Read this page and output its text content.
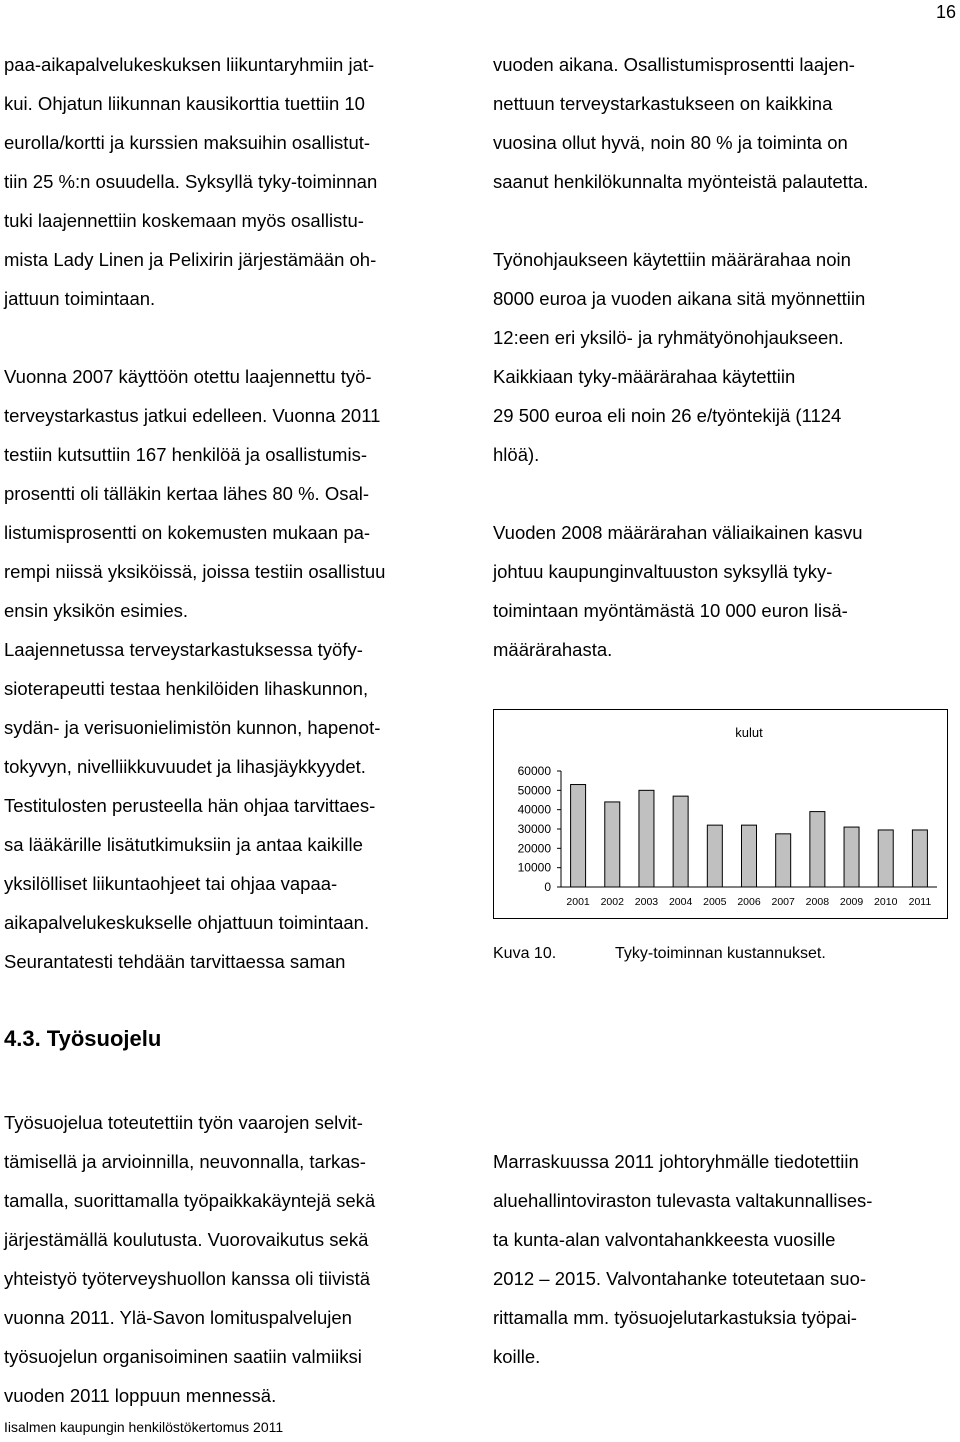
16

paa-aikapalvelukeskuksen liikuntaryhmiin jat-

kui. Ohjatun liikunnan kausikorttia tuettiin 10

eurolla/kortti ja kurssien maksuihin osallistut-

tiin 25 %:n osuudella. Syksyllä tyky-toiminnan

tuki laajennettiin koskemaan myös osallistu-

mista Lady Linen ja Pelixirin järjestämään oh-

jattuun toimintaan.

Vuonna 2007 käyttöön otettu laajennettu työ-

terveystarkastus jatkui edelleen. Vuonna 2011

testiin kutsuttiin 167 henkilöä ja osallistumis-

prosentti oli tälläkin kertaa lähes 80 %. Osal-

listumisprosentti on kokemusten mukaan pa-

rempi niissä yksiköissä, joissa testiin osallistuu

ensin yksikön esimies.

Laajennetussa terveystarkastuksessa työfy-

sioterapeutti testaa henkilöiden lihaskunnon,

sydän- ja verisuonielimistön kunnon, hapenot-

tokyvyn, nivelliikkuvuudet ja lihasjäykkyydet.

Testitulosten perusteella hän ohjaa tarvittaes-

sa lääkärille lisätutkimuksiin ja antaa kaikille

yksilölliset liikuntaohjeet tai ohjaa vapaa-

aikapalvelukeskukselle ohjattuun toimintaan.

Seurantatesti tehdään tarvittaessa saman

vuoden aikana. Osallistumisprosentti laajen-

nettuun terveystarkastukseen on kaikkina

vuosina ollut hyvä, noin 80 % ja toiminta on

saanut henkilökunnalta myönteistä palautetta.

Työnohjaukseen käytettiin määrärahaa noin

8000 euroa ja vuoden aikana sitä myönnettiin

12:een eri yksilö- ja ryhmätyönohjaukseen.

Kaikkiaan tyky-määrärahaa käytettiin

29 500 euroa eli noin 26 e/työntekijä (1124

hlöä).

Vuoden 2008 määrärahan väliaikainen kasvu

johtuu kaupunginvaltuuston syksyllä tyky-

toimintaan myöntämästä 10 000 euron lisä-

määrärahasta.

kulut
0
10000
20000
30000
40000
50000
60000
2001 2002 2003 2004 2005 2006 2007 2008 2009 2010 2011
Kuva 10.	Tyky-toiminnan kustannukset.
4.3. Työsuojelu

Työsuojelua toteutettiin työn vaarojen selvit-

tämisellä ja arvioinnilla, neuvonnalla, tarkas-

tamalla, suorittamalla työpaikkakäyntejä sekä

järjestämällä koulutusta. Vuorovaikutus sekä

yhteistyö työterveyshuollon kanssa oli tiivistä

vuonna 2011. Ylä-Savon lomituspalvelujen

työsuojelun organisoiminen saatiin valmiiksi

vuoden 2011 loppuun mennessä.

Marraskuussa 2011 johtoryhmälle tiedotettiin

aluehallintoviraston tulevasta valtakunnallises-

ta kunta-alan valvontahankkeesta vuosille

2012 – 2015. Valvontahanke toteutetaan suo-

rittamalla mm. työsuojelutarkastuksia työpai-

koille.

Iisalmen kaupungin henkilöstökertomus 2011
